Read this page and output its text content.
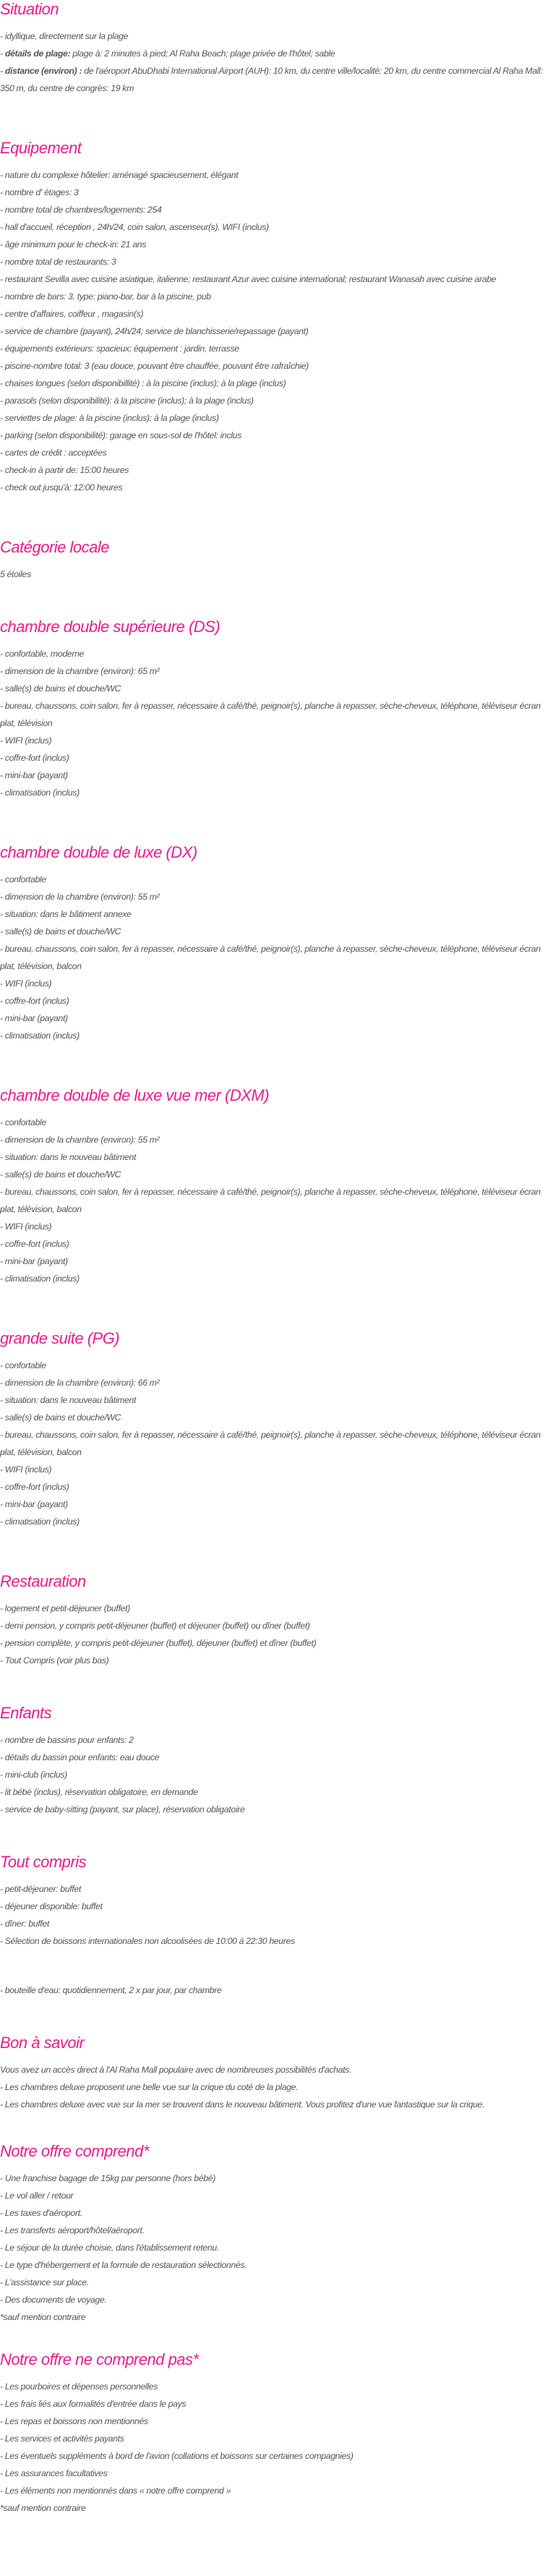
Situation
- idyllique, directement sur la plage
- détails de plage: plage à: 2 minutes à pied; Al Raha Beach; plage privée de l'hôtel; sable
- distance (environ) : de l'aéroport AbuDhabi International Airport (AUH): 10 km, du centre ville/localité: 20 km, du centre commercial Al Raha Mall: 350 m, du centre de congrès: 19 km
Equipement
- nature du complexe hôtelier: aménagé spacieusement, élégant
- nombre d' étages: 3
- nombre total de chambres/logements: 254
- hall d'accueil, réception , 24h/24, coin salon, ascenseur(s), WIFI (inclus)
- âge minimum pour le check-in: 21 ans
- nombre total de restaurants: 3
- restaurant Sevilla avec cuisine asiatique, italienne; restaurant Azur avec cuisine international; restaurant Wanasah avec cuisine arabe
- nombre de bars: 3, type: piano-bar, bar à la piscine, pub
- centre d'affaires, coiffeur , magasin(s)
- service de chambre (payant), 24h/24; service de blanchisserie/repassage (payant)
- équipements extérieurs: spacieux; équipement : jardin, terrasse
- piscine-nombre total: 3 (eau douce, pouvant être chauffée, pouvant être rafraîchie)
- chaises longues (selon disponibillité) : à la piscine (inclus); à la plage (inclus)
- parasols (selon disponibilité): à la piscine (inclus); à la plage (inclus)
- serviettes de plage: à la piscine (inclus); à la plage (inclus)
- parking (selon disponibilité): garage en sous-sol de l'hôtel: inclus
- cartes de crédit : acceptées
- check-in à partir de: 15:00 heures
- check out jusqu'à: 12:00 heures
Catégorie locale
5 étoiles
chambre double supérieure (DS)
- confortable, moderne
- dimension de la chambre (environ): 65 m²
- salle(s) de bains et douche/WC
- bureau, chaussons, coin salon, fer à repasser, nécessaire à café/thé, peignoir(s), planche à repasser, sèche-cheveux, téléphone, téléviseur écran plat, télévision
- WIFI (inclus)
- coffre-fort (inclus)
- mini-bar (payant)
- climatisation (inclus)
chambre double de luxe (DX)
- confortable
- dimension de la chambre (environ): 55 m²
- situation: dans le bâtiment annexe
- salle(s) de bains et douche/WC
- bureau, chaussons, coin salon, fer à repasser, nécessaire à café/thé, peignoir(s), planche à repasser, sèche-cheveux, téléphone, téléviseur écran plat, télévision, balcon
- WIFI (inclus)
- coffre-fort (inclus)
- mini-bar (payant)
- climatisation (inclus)
chambre double de luxe vue mer (DXM)
- confortable
- dimension de la chambre (environ): 55 m²
- situation: dans le nouveau bâtiment
- salle(s) de bains et douche/WC
- bureau, chaussons, coin salon, fer à repasser, nécessaire à café/thé, peignoir(s), planche à repasser, sèche-cheveux, téléphone, téléviseur écran plat, télévision, balcon
- WIFI (inclus)
- coffre-fort (inclus)
- mini-bar (payant)
- climatisation (inclus)
grande suite (PG)
- confortable
- dimension de la chambre (environ): 66 m²
- situation: dans le nouveau bâtiment
- salle(s) de bains et douche/WC
- bureau, chaussons, coin salon, fer à repasser, nécessaire à café/thé, peignoir(s), planche à repasser, sèche-cheveux, téléphone, téléviseur écran plat, télévision, balcon
- WIFI (inclus)
- coffre-fort (inclus)
- mini-bar (payant)
- climatisation (inclus)
Restauration
- logement et petit-déjeuner (buffet)
- demi pension, y compris petit-déjeuner (buffet) et déjeuner (buffet) ou dîner (buffet)
- pension complète, y compris petit-déjeuner (buffet), déjeuner (buffet) et dîner (buffet)
- Tout Compris (voir plus bas)
Enfants
- nombre de bassins pour enfants: 2
- détails du bassin pour enfants: eau douce
- mini-club (inclus)
- lit bébé (inclus), réservation obligatoire, en demande
- service de baby-sitting (payant, sur place), réservation obligatoire
Tout compris
- petit-déjeuner: buffet
- déjeuner disponible: buffet
- dîner: buffet
- Sélection de boissons internationales non alcoolisées de 10:00 à 22:30 heures
- bouteille d'eau: quotidiennement, 2 x par jour, par chambre
Bon à savoir
Vous avez un accès direct à l'Al Raha Mall populaire avec de nombreuses possibilités d'achats.
- Les chambres deluxe proposent une belle vue sur la crique du coté de la plage.
- Les chambres deluxe avec vue sur la mer se trouvent dans le nouveau bâtiment. Vous profitez d'une vue fantastique sur la crique.
Notre offre comprend*
- Une franchise bagage de 15kg par personne (hors bébé)
- Le vol aller / retour
- Les taxes d'aéroport.
- Les transferts aéroport/hôtel/aéroport.
- Le séjour de la durée choisie, dans l'établissement retenu.
- Le type d'hébergement et la formule de restauration sélectionnés.
- L'assistance sur place.
- Des documents de voyage.
*sauf mention contraire
Notre offre ne comprend pas*
- Les pourboires et dépenses personnelles
- Les frais liés aux formalités d'entrée dans le pays
- Les repas et boissons non mentionnés
- Les services et activités payants
- Les éventuels suppléments à bord de l'avion (collations et boissons sur certaines compagnies)
- Les assurances facultatives
- Les éléments non mentionnés dans « notre offre comprend »
*sauf mention contraire
